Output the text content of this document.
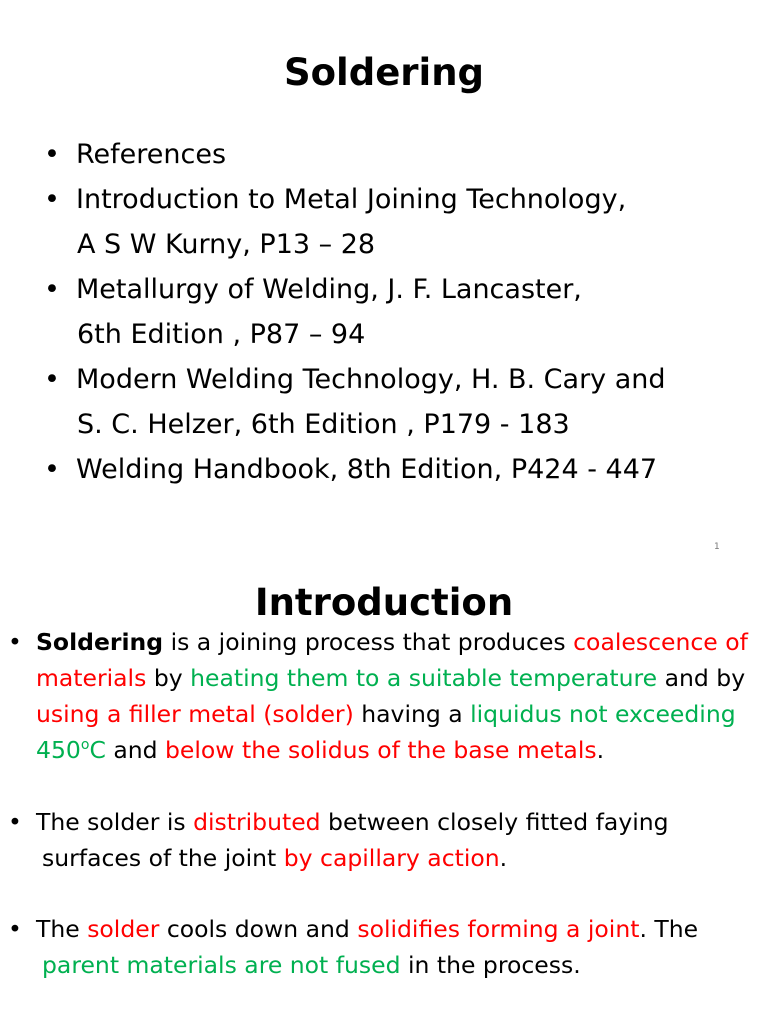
Soldering
• References
• Introduction to Metal Joining Technology,
A S W Kurny, P13 – 28
• Metallurgy of Welding, J. F. Lancaster,
6th Edition , P87 – 94
• Modern Welding Technology, H. B. Cary and
S. C. Helzer, 6th Edition , P179 - 183
• Welding Handbook, 8th Edition, P424 - 447
1
Introduction
• Soldering is a joining process that produces coalescence of
materials by heating them to a suitable temperature and by
using a filler metal (solder) having a liquidus not exceeding
450$^o$C and below the solidus of the base metals.
• The solder is distributed between closely fitted faying
surfaces of the joint by capillary action.
• The solder cools down and solidifies forming a joint. The
parent materials are not fused in the process.
